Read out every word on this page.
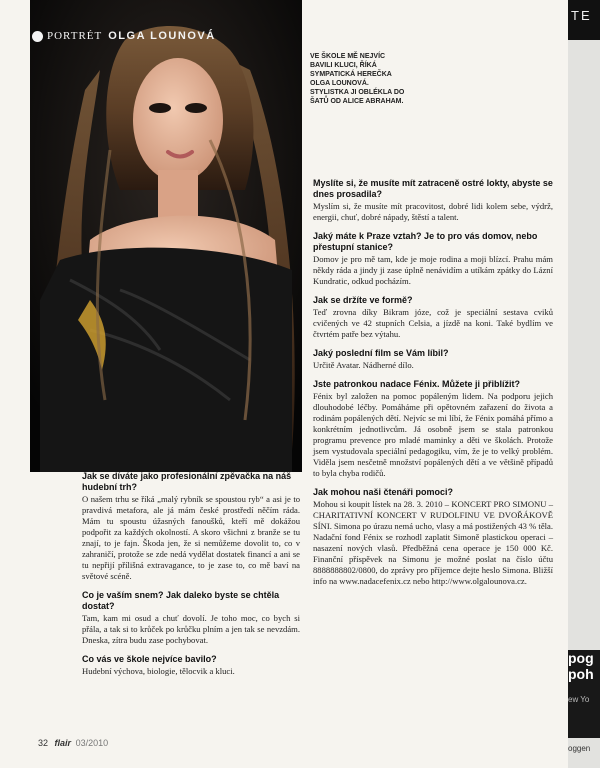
PORTRÉT OLGA LOUNOVÁ
VE ŠKOLE MĚ NEJVÍC BAVILI KLUCI, ŘÍKÁ SYMPATICKÁ HEREČKA OLGA LOUNOVÁ. STYLISTKA JI OBLÉKLA DO ŠATŮ OD ALICE ABRAHAM.

Myslíte si, že musíte mít zatraceně ostré lokty, abyste se dnes prosadila?

Myslím si, že musíte mít pracovitost, dobré lidi kolem sebe, výdrž, energii, chuť, dobré nápady, štěstí a talent.

Jaký máte k Praze vztah? Je to pro vás domov, nebo přestupní stanice?

Domov je pro mě tam, kde je moje rodina a moji blízcí. Prahu mám někdy ráda a jindy ji zase úplně nenávidím a utíkám zpátky do Lázní Kundratic, odkud pocházím.

Jak se držíte ve formě?

Teď zrovna díky Bikram józe, což je speciální sestava cviků cvičených ve 42 stupních Celsia, a jízdě na koni. Také bydlím ve čtvrtém patře bez výtahu.

Jaký poslední film se Vám líbil?

Určitě Avatar. Nádherné dílo.

Jste patronkou nadace Fénix. Můžete ji přiblížit?

Fénix byl založen na pomoc popáleným lidem. Na podporu jejich dlouhodobé léčby. Pomáháme při opětovném zařazení do života a rodinám popálených dětí. Nejvíc se mi líbí, že Fénix pomáhá přímo a konkrétním jednotlivcům. Já osobně jsem se stala patronkou programu prevence pro mladé maminky a děti ve školách. Protože jsem vystudovala speciální pedagogiku, vím, že je to velký problém. Viděla jsem nesčetně množství popálených dětí a ve většině případů to byla chyba rodičů.

Jak mohou naši čtenáři pomoci?

Mohou si koupit lístek na 28. 3. 2010 – KONCERT PRO SIMONU – CHARITATIVNÍ KONCERT V RUDOLFINU VE DVOŘÁKOVĚ SÍNI. Simona po úrazu nemá ucho, vlasy a má postižených 43 % těla. Nadační fond Fénix se rozhodl zaplatit Simoně plastickou operaci – nasazení nových vlasů. Předběžná cena operace je 150 000 Kč. Finanční příspěvek na Simonu je možné poslat na číslo účtu 8888888802/0800, do zprávy pro příjemce dejte heslo Simona. Bližší info na www.nadacefenix.cz nebo http://www.olgalounova.cz.

Jak se díváte jako profesionální zpěvačka na náš hudební trh?

O našem trhu se říká „malý rybník se spoustou ryb“ a asi je to pravdivá metafora, ale já mám české prostředí něčím ráda. Mám tu spoustu úžasných fanoušků, kteří mě dokážou podpořit za každých okolností. A skoro všichni z branže se tu znají, to je fajn. Škoda jen, že si nemůžeme dovolit to, co v zahraničí, protože se zde nedá vydělat dostatek financí a ani se tu nepřijí přílišná extravagance, to je zase to, co mě baví na světové scéně.

Co je vaším snem? Jak daleko byste se chtěla dostat?

Tam, kam mi osud a chuť dovolí. Je toho moc, co bych si přála, a tak si to krůček po krůčku plním a jen tak se nevzdám. Dneska, zítra budu zase pochybovat.

Co vás ve škole nejvíce bavilo?

Hudební výchova, biologie, tělocvik a kluci.

32 flair 03/2010
TE
pog
poh
ew Yo
oggen
